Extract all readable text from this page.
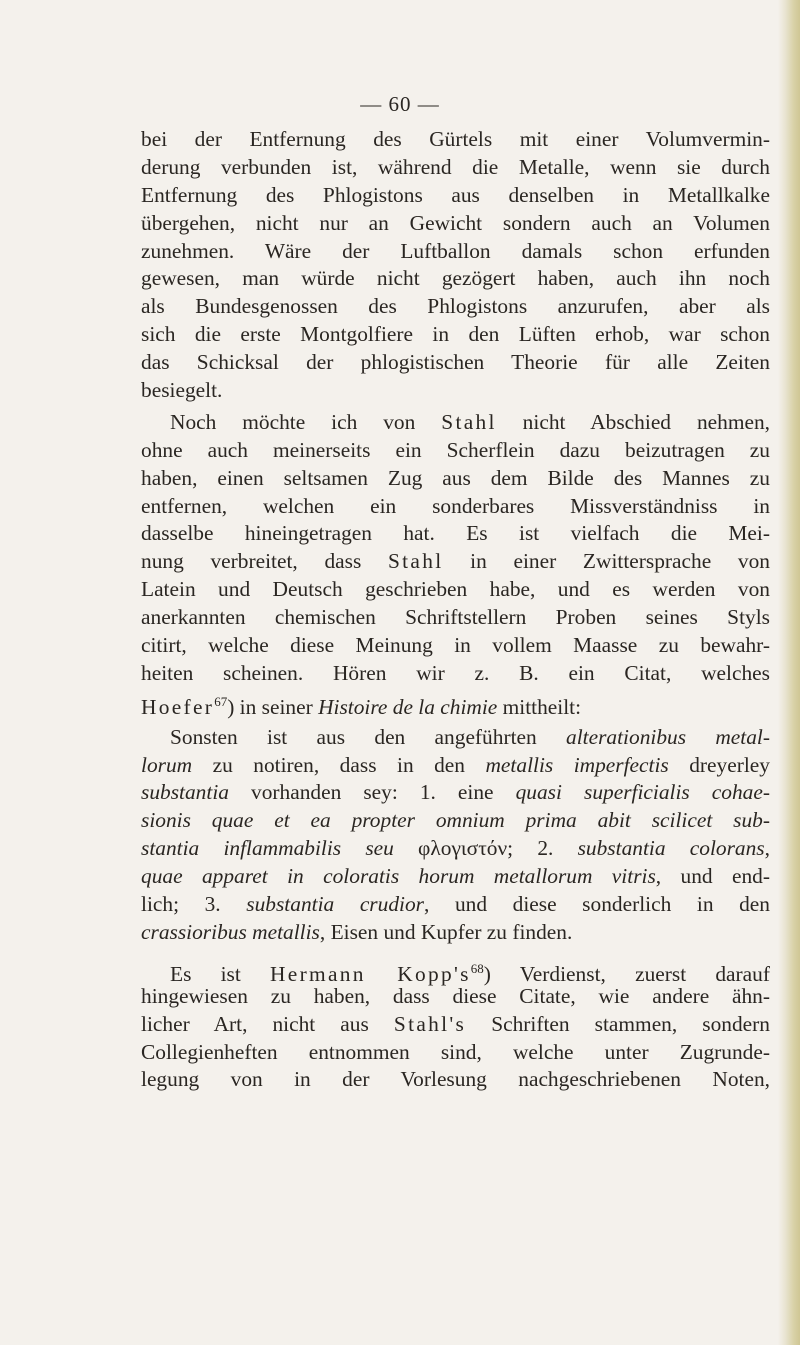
— 60 —
bei der Entfernung des Gürtels mit einer Volumvermin-
derung verbunden ist, während die Metalle, wenn sie durch
Entfernung des Phlogistons aus denselben in Metallkalke
übergehen, nicht nur an Gewicht sondern auch an Volumen
zunehmen. Wäre der Luftballon damals schon erfunden
gewesen, man würde nicht gezögert haben, auch ihn noch
als Bundesgenossen des Phlogistons anzurufen, aber als
sich die erste Montgolfiere in den Lüften erhob, war schon
das Schicksal der phlogistischen Theorie für alle Zeiten
besiegelt.
Noch möchte ich von Stahl nicht Abschied nehmen,
ohne auch meinerseits ein Scherflein dazu beizutragen zu
haben, einen seltsamen Zug aus dem Bilde des Mannes zu
entfernen, welchen ein sonderbares Missverständniss in
dasselbe hineingetragen hat. Es ist vielfach die Mei-
nung verbreitet, dass Stahl in einer Zwittersprache von
Latein und Deutsch geschrieben habe, und es werden von
anerkannten chemischen Schriftstellern Proben seines Styls
citirt, welche diese Meinung in vollem Maasse zu bewahr-
heiten scheinen. Hören wir z. B. ein Citat, welches
Hoefer$^{67}$) in seiner Histoire de la chimie mittheilt:
Sonsten ist aus den angeführten alterationibus metal-
lorum zu notiren, dass in den metallis imperfectis dreyerley
substantia vorhanden sey: 1. eine quasi superficialis cohae-
sionis quae et ea propter omnium prima abit scilicet sub-
stantia inflammabilis seu φλογιστόν; 2. substantia colorans,
quae apparet in coloratis horum metallorum vitris, und end-
lich; 3. substantia crudior, und diese sonderlich in den
crassioribus metallis, Eisen und Kupfer zu finden.
Es ist Hermann $Kopp's^{68}$) Verdienst, zuerst darauf
hingewiesen zu haben, dass diese Citate, wie andere ähn-
licher Art, nicht aus Stahl's Schriften stammen, sondern
Collegienheften entnommen sind, welche unter Zugrunde-
legung von in der Vorlesung nachgeschriebenen Noten,
